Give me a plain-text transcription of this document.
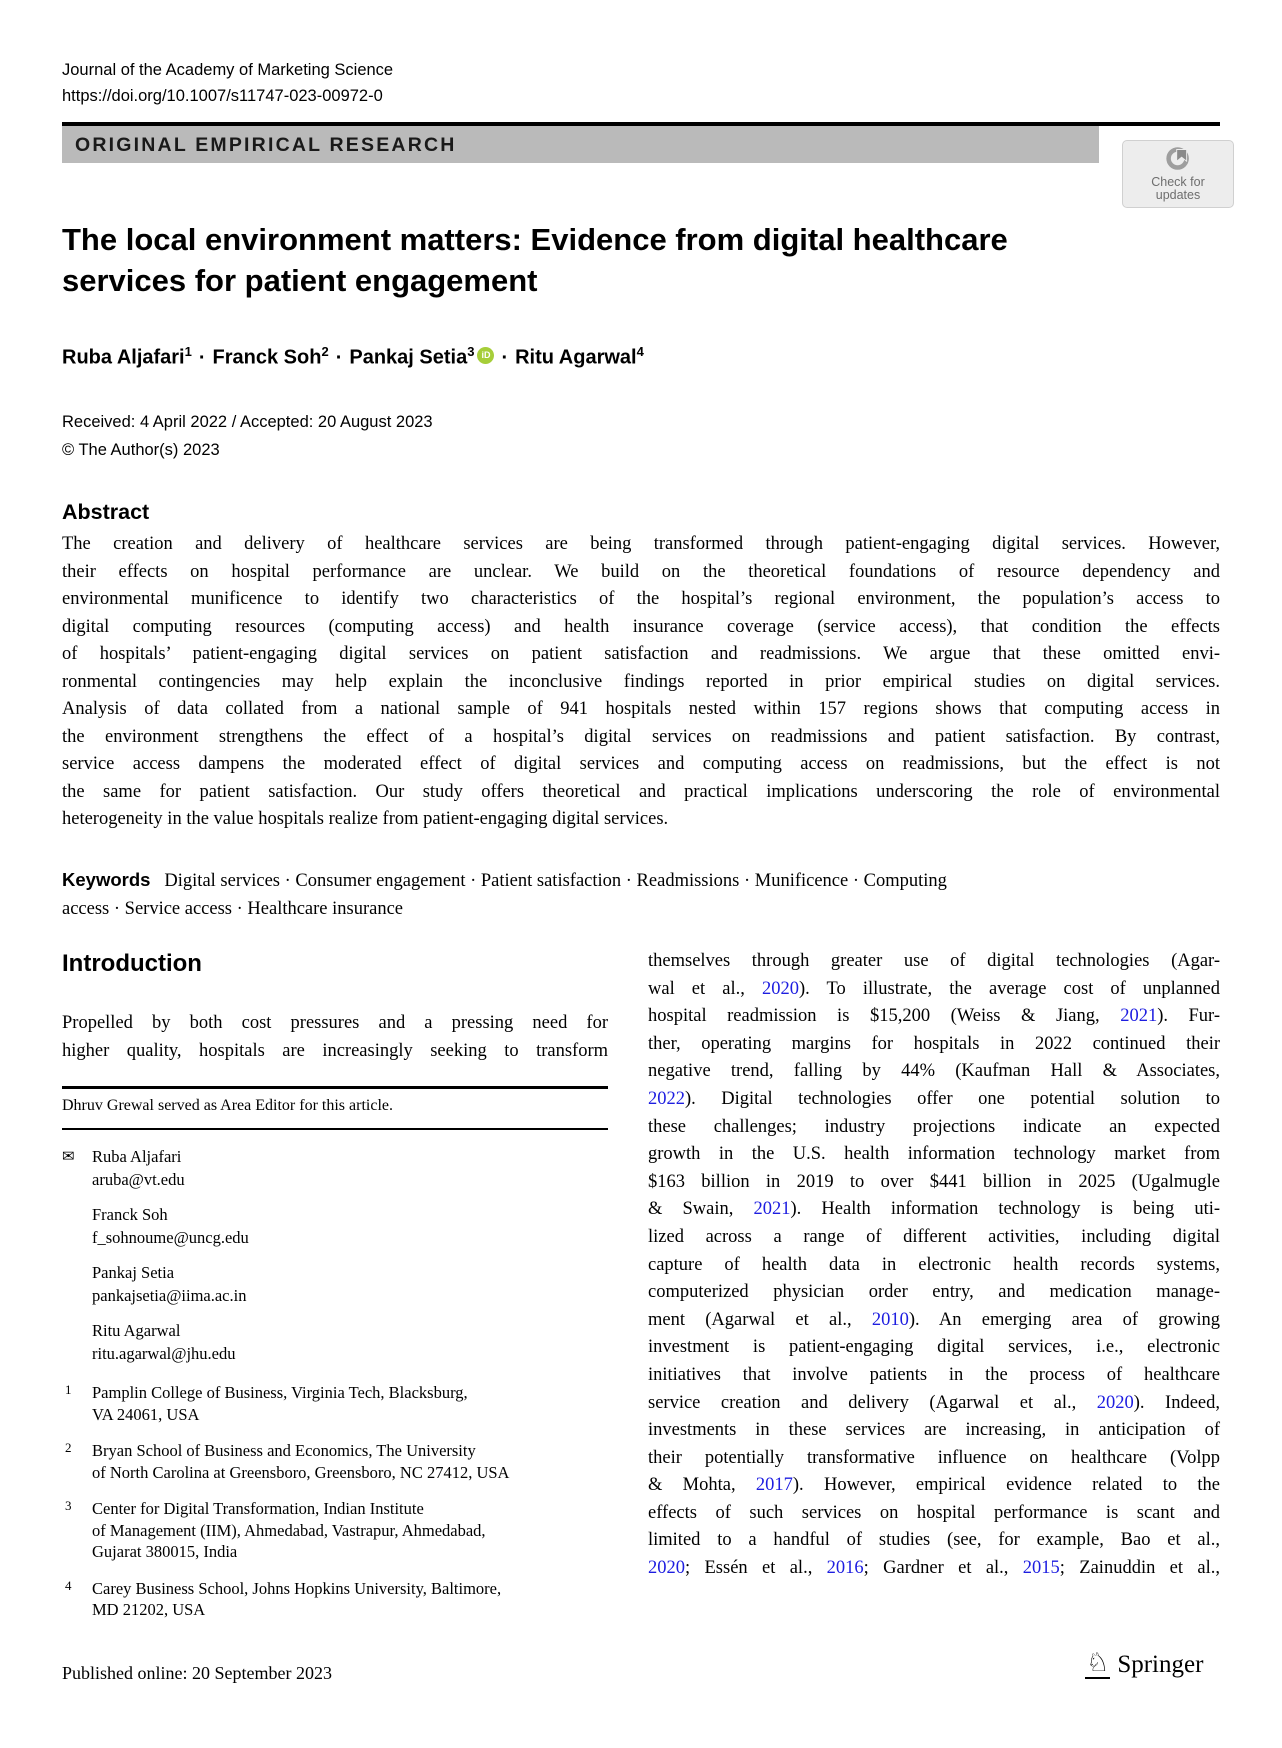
Journal of the Academy of Marketing Science
https://doi.org/10.1007/s11747-023-00972-0
ORIGINAL EMPIRICAL RESEARCH
Check for
updates
The local environment matters: Evidence from digital healthcare
services for patient engagement
Ruba Aljafari$^1$ · Franck Soh$^2$ · Pankaj Setia$^3$ iD · Ritu Agarwal$^4$
Received: 4 April 2022 / Accepted: 20 August 2023
© The Author(s) 2023
Abstract
The creation and delivery of healthcare services are being transformed through patient-engaging digital services. However,
their effects on hospital performance are unclear. We build on the theoretical foundations of resource dependency and
environmental munificence to identify two characteristics of the hospital’s regional environment, the population’s access to
digital computing resources (computing access) and health insurance coverage (service access), that condition the effects
of hospitals’ patient-engaging digital services on patient satisfaction and readmissions. We argue that these omitted envi-
ronmental contingencies may help explain the inconclusive findings reported in prior empirical studies on digital services.
Analysis of data collated from a national sample of 941 hospitals nested within 157 regions shows that computing access in
the environment strengthens the effect of a hospital’s digital services on readmissions and patient satisfaction. By contrast,
service access dampens the moderated effect of digital services and computing access on readmissions, but the effect is not
the same for patient satisfaction. Our study offers theoretical and practical implications underscoring the role of environmental
heterogeneity in the value hospitals realize from patient-engaging digital services.
Keywords Digital services · Consumer engagement · Patient satisfaction · Readmissions · Munificence · Computing
access · Service access · Healthcare insurance
Introduction
Propelled by both cost pressures and a pressing need for
higher quality, hospitals are increasingly seeking to transform
Dhruv Grewal served as Area Editor for this article.
✉ Ruba Aljafari
aruba@vt.edu
Franck Soh
f_sohnoume@uncg.edu
Pankaj Setia
pankajsetia@iima.ac.in
Ritu Agarwal
ritu.agarwal@jhu.edu
1 Pamplin College of Business, Virginia Tech, Blacksburg,
VA 24061, USA
2 Bryan School of Business and Economics, The University
of North Carolina at Greensboro, Greensboro, NC 27412, USA
3 Center for Digital Transformation, Indian Institute
of Management (IIM), Ahmedabad, Vastrapur, Ahmedabad,
Gujarat 380015, India
4 Carey Business School, Johns Hopkins University, Baltimore,
MD 21202, USA
Published online: 20 September 2023	♘ Springer
themselves through greater use of digital technologies (Agar-
wal et al., 2020). To illustrate, the average cost of unplanned
hospital readmission is $15,200 (Weiss & Jiang, 2021). Fur-
ther, operating margins for hospitals in 2022 continued their
negative trend, falling by 44% (Kaufman Hall & Associates,
2022). Digital technologies offer one potential solution to
these challenges; industry projections indicate an expected
growth in the U.S. health information technology market from
$163 billion in 2019 to over $441 billion in 2025 (Ugalmugle
& Swain, 2021). Health information technology is being uti-
lized across a range of different activities, including digital
capture of health data in electronic health records systems,
computerized physician order entry, and medication manage-
ment (Agarwal et al., 2010). An emerging area of growing
investment is patient-engaging digital services, i.e., electronic
initiatives that involve patients in the process of healthcare
service creation and delivery (Agarwal et al., 2020). Indeed,
investments in these services are increasing, in anticipation of
their potentially transformative influence on healthcare (Volpp
& Mohta, 2017). However, empirical evidence related to the
effects of such services on hospital performance is scant and
limited to a handful of studies (see, for example, Bao et al.,
2020; Essén et al., 2016; Gardner et al., 2015; Zainuddin et al.,
